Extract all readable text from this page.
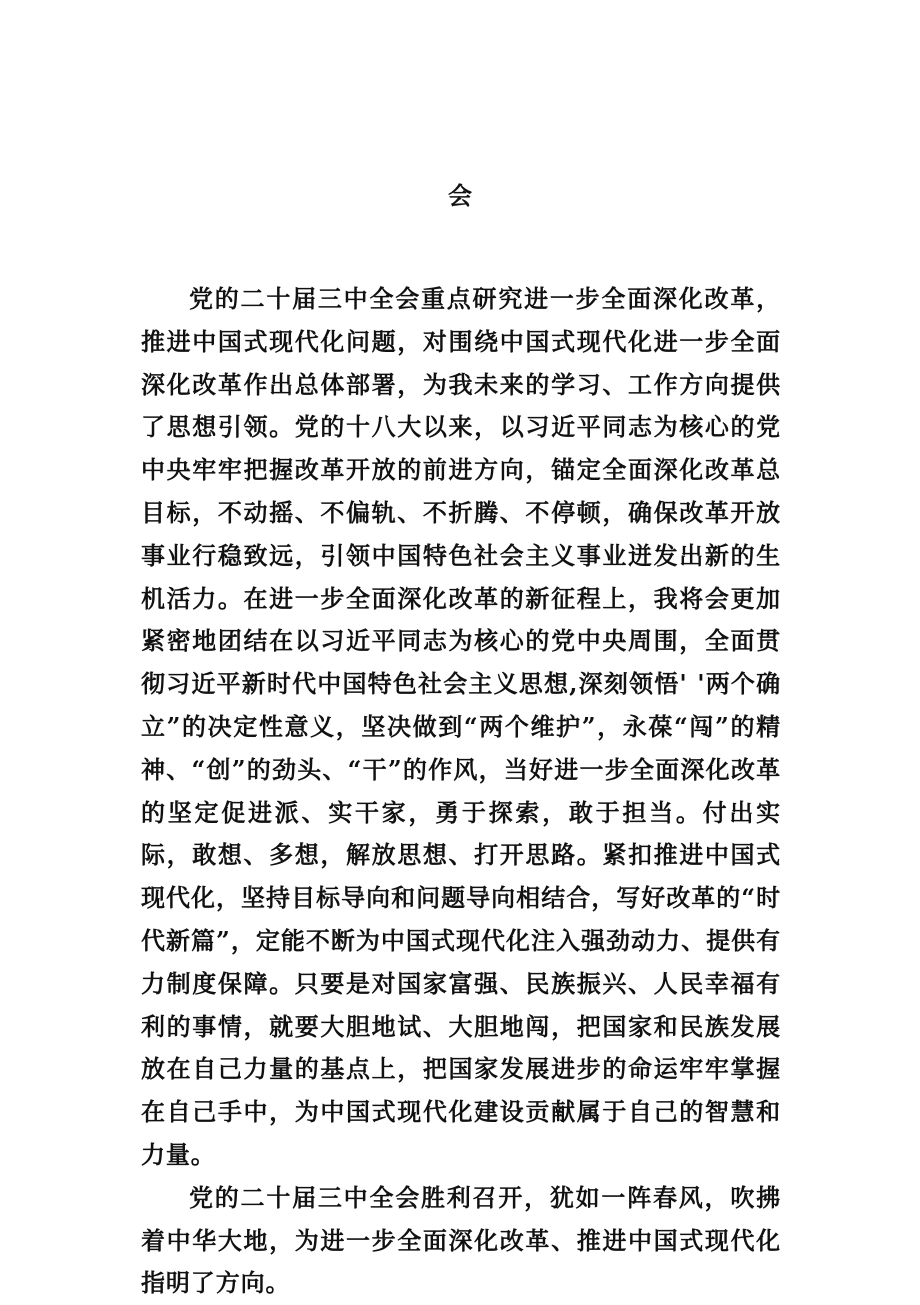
会

党的二十届三中全会重点研究进一步全面深化改革，推进中国式现代化问题，对围绕中国式现代化进一步全面深化改革作出总体部署，为我未来的学习、工作方向提供了思想引领。党的十八大以来，以习近平同志为核心的党中央牢牢把握改革开放的前进方向，锚定全面深化改革总目标，不动摇、不偏轨、不折腾、不停顿，确保改革开放事业行稳致远，引领中国特色社会主义事业迸发出新的生机活力。在进一步全面深化改革的新征程上，我将会更加紧密地团结在以习近平同志为核心的党中央周围，全面贯彻习近平新时代中国特色社会主义思想,深刻领悟' '两个确立”的决定性意义，坚决做到“两个维护”，永葆“闯”的精神、“创”的劲头、“干”的作风，当好进一步全面深化改革的坚定促进派、实干家，勇于探索，敢于担当。付出实际，敢想、多想，解放思想、打开思路。紧扣推进中国式现代化，坚持目标导向和问题导向相结合，写好改革的“时代新篇”，定能不断为中国式现代化注入强劲动力、提供有力制度保障。只要是对国家富强、民族振兴、人民幸福有利的事情，就要大胆地试、大胆地闯，把国家和民族发展放在自己力量的基点上，把国家发展进步的命运牢牢掌握在自己手中，为中国式现代化建设贡献属于自己的智慧和力量。

党的二十届三中全会胜利召开，犹如一阵春风，吹拂着中华大地，为进一步全面深化改革、推进中国式现代化指明了方向。
